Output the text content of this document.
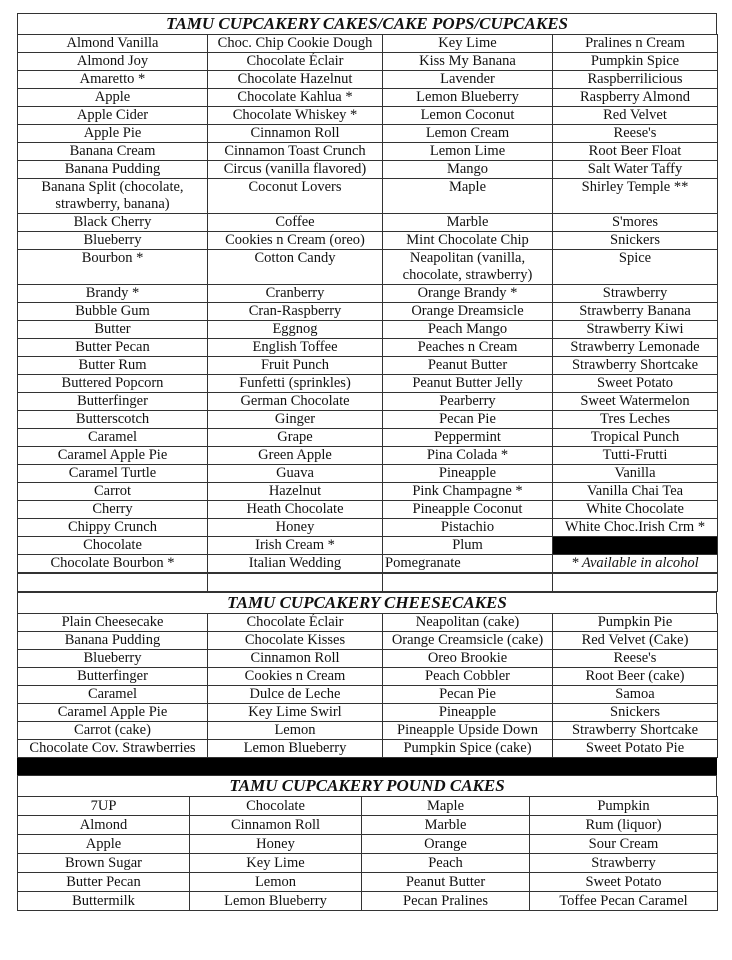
TAMU CUPCAKERY CAKES/CAKE POPS/CUPCAKES
Almond Vanilla	Choc. Chip Cookie Dough	Key Lime	Pralines n Cream
Almond Joy	Chocolate Éclair	Kiss My Banana	Pumpkin Spice
Amaretto *	Chocolate Hazelnut	Lavender	Raspberrilicious
Apple	Chocolate Kahlua *	Lemon Blueberry	Raspberry Almond
Apple Cider	Chocolate Whiskey *	Lemon Coconut	Red Velvet
Apple Pie	Cinnamon Roll	Lemon Cream	Reese's
Banana Cream	Cinnamon Toast Crunch	Lemon Lime	Root Beer Float
Banana Pudding	Circus (vanilla flavored)	Mango	Salt Water Taffy
Banana Split (chocolate, strawberry, banana)	Coconut Lovers	Maple	Shirley Temple **
Black Cherry	Coffee	Marble	S'mores
Blueberry	Cookies n Cream (oreo)	Mint Chocolate Chip	Snickers
Bourbon *	Cotton Candy	Neapolitan (vanilla, chocolate, strawberry)	Spice
Brandy *	Cranberry	Orange Brandy *	Strawberry
Bubble Gum	Cran-Raspberry	Orange Dreamsicle	Strawberry Banana
Butter	Eggnog	Peach Mango	Strawberry Kiwi
Butter Pecan	English Toffee	Peaches n Cream	Strawberry Lemonade
Butter Rum	Fruit Punch	Peanut Butter	Strawberry Shortcake
Buttered Popcorn	Funfetti (sprinkles)	Peanut Butter Jelly	Sweet Potato
Butterfinger	German Chocolate	Pearberry	Sweet Watermelon
Butterscotch	Ginger	Pecan Pie	Tres Leches
Caramel	Grape	Peppermint	Tropical Punch
Caramel Apple Pie	Green Apple	Pina Colada *	Tutti-Frutti
Caramel Turtle	Guava	Pineapple	Vanilla
Carrot	Hazelnut	Pink Champagne *	Vanilla Chai Tea
Cherry	Heath Chocolate	Pineapple Coconut	White Chocolate
Chippy Crunch	Honey	Pistachio	White Choc.Irish Crm *
Chocolate	Irish Cream *	Plum	
Chocolate Bourbon *	Italian Wedding	Pomegranate	* Available in alcohol

TAMU CUPCAKERY CHEESECAKES
Plain Cheesecake	Chocolate Éclair	Neapolitan (cake)	Pumpkin Pie
Banana Pudding	Chocolate Kisses	Orange Creamsicle (cake)	Red Velvet (Cake)
Blueberry	Cinnamon Roll	Oreo Brookie	Reese's
Butterfinger	Cookies n Cream	Peach Cobbler	Root Beer (cake)
Caramel	Dulce de Leche	Pecan Pie	Samoa
Caramel Apple Pie	Key Lime Swirl	Pineapple	Snickers
Carrot (cake)	Lemon	Pineapple Upside Down	Strawberry Shortcake
Chocolate Cov. Strawberries	Lemon Blueberry	Pumpkin Spice (cake)	Sweet Potato Pie
TAMU CUPCAKERY POUND CAKES
7UP	Chocolate	Maple	Pumpkin
Almond	Cinnamon Roll	Marble	Rum (liquor)
Apple	Honey	Orange	Sour Cream
Brown Sugar	Key Lime	Peach	Strawberry
Butter Pecan	Lemon	Peanut Butter	Sweet Potato
Buttermilk	Lemon Blueberry	Pecan Pralines	Toffee Pecan Caramel
